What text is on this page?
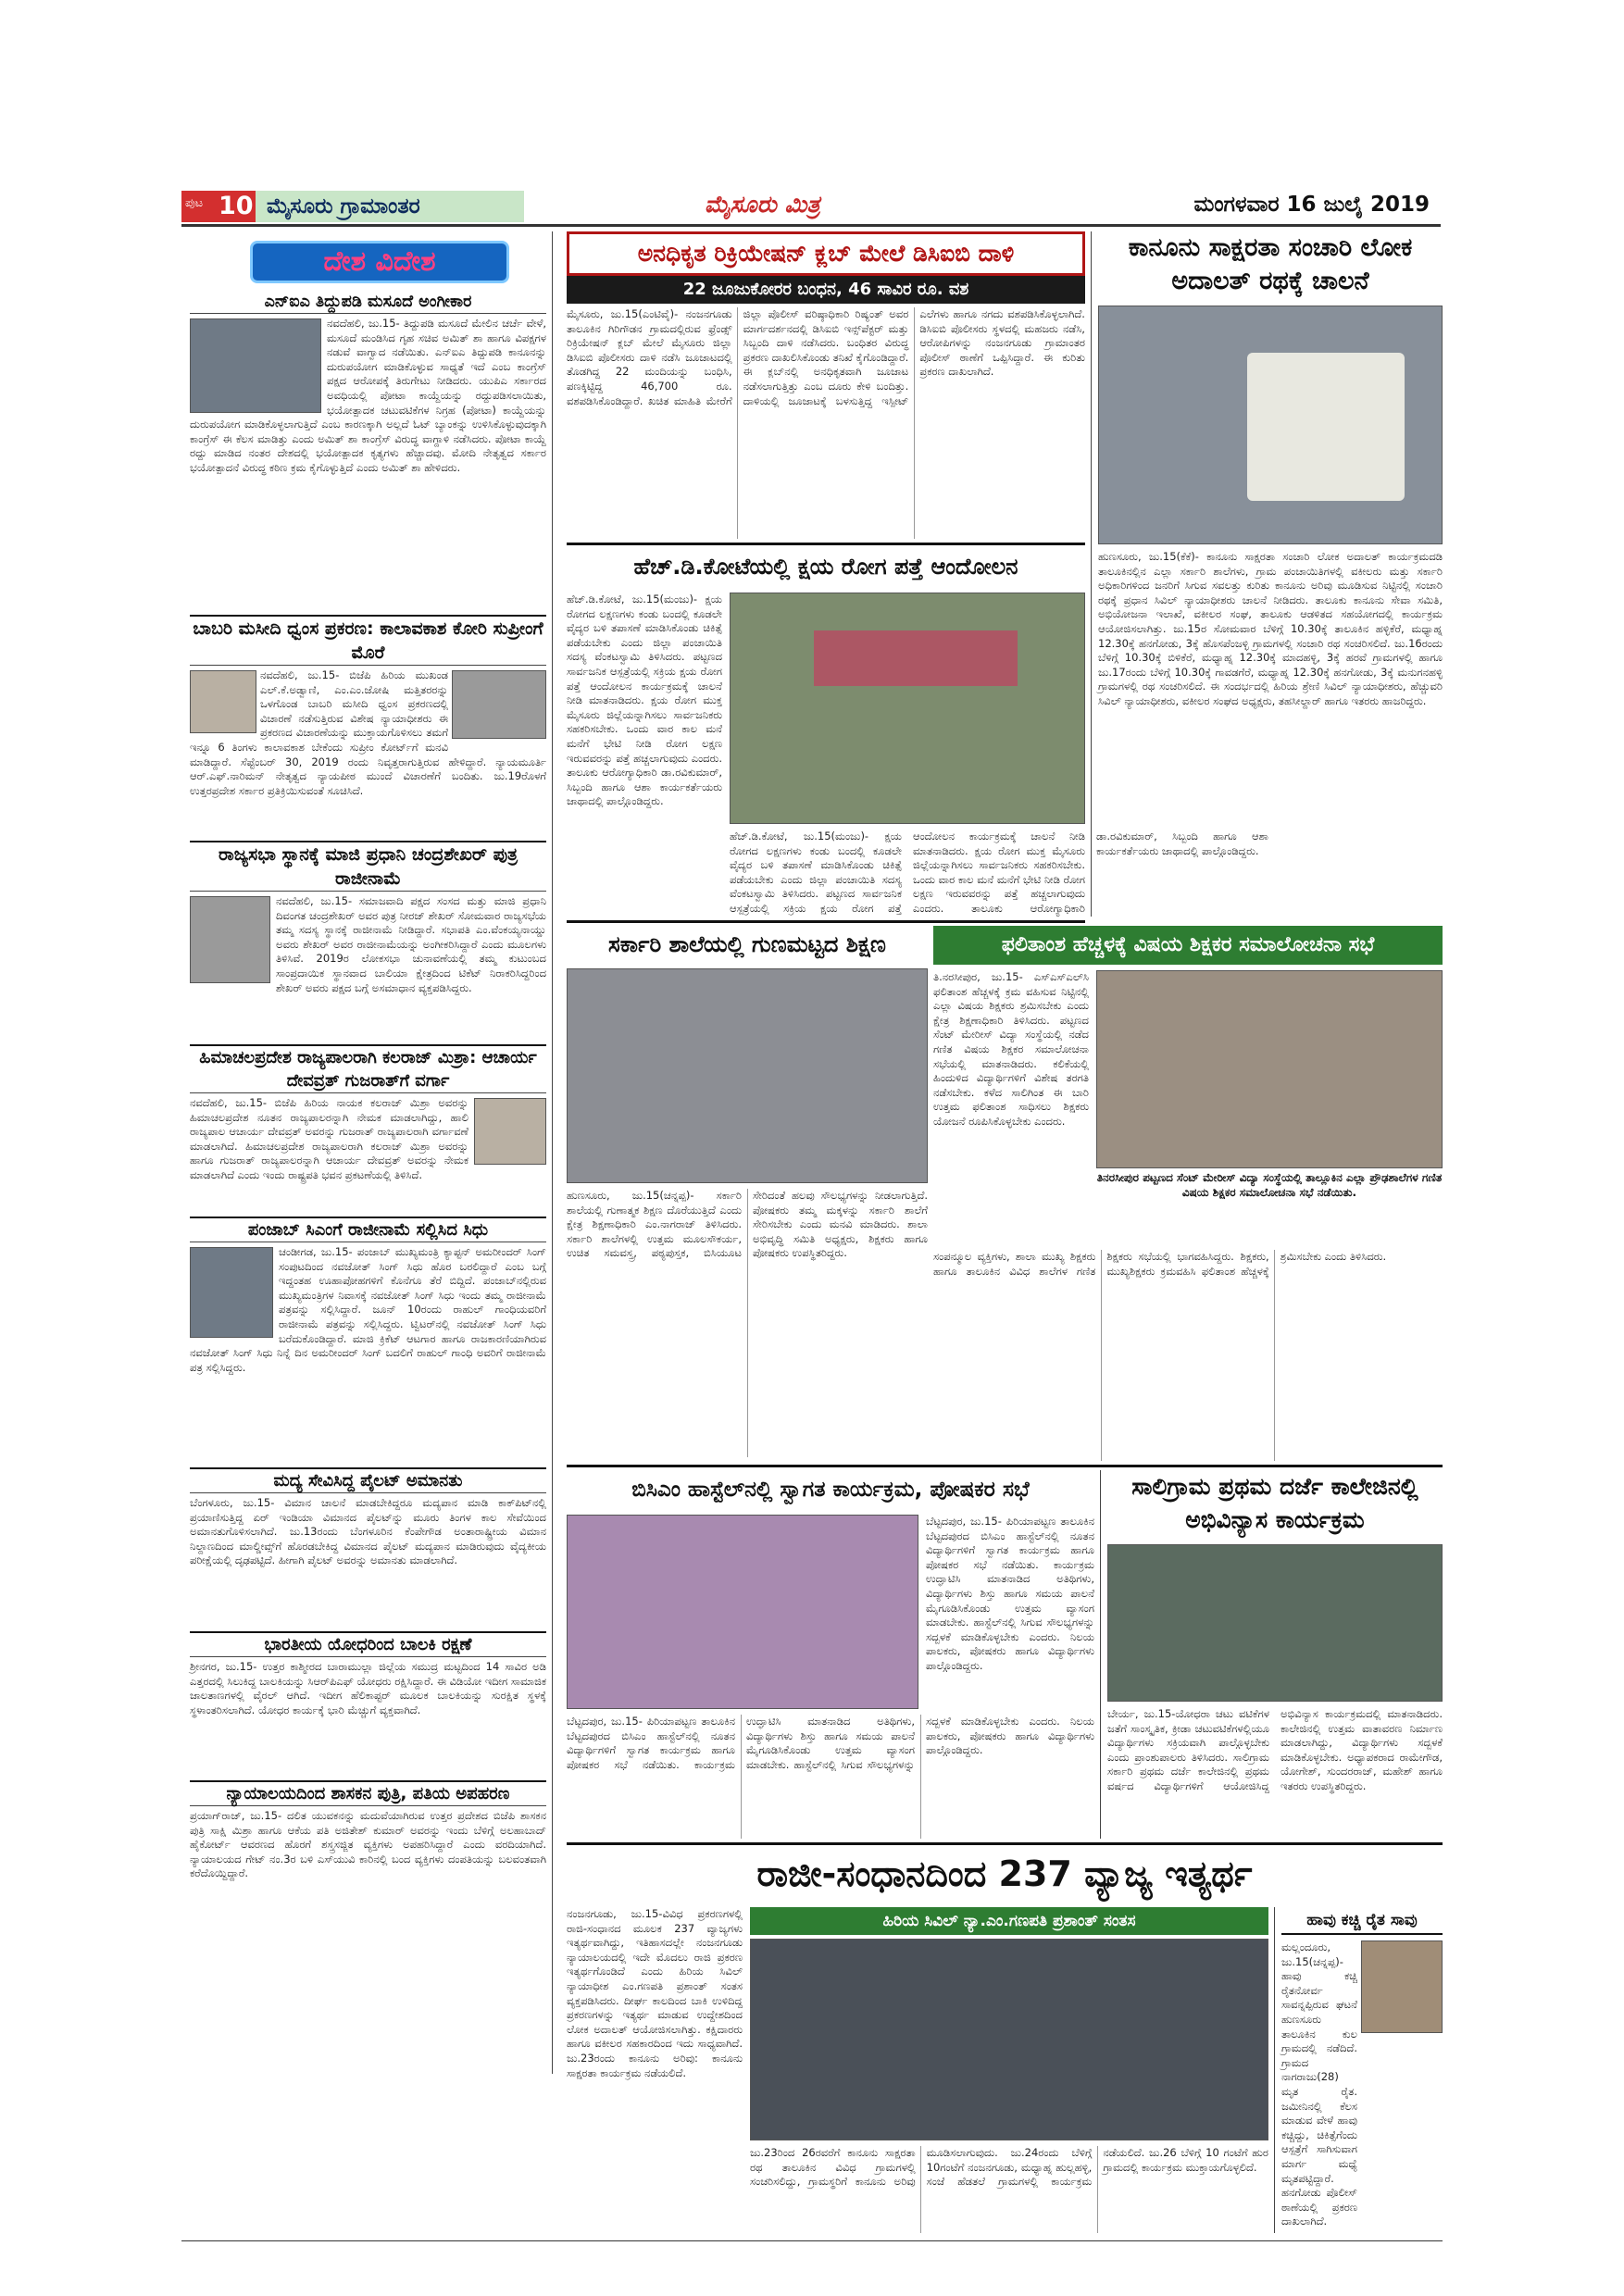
ಪುಟ 10 ಮೈಸೂರು ಗ್ರಾಮಾಂತರ	ಮೈಸೂರು ಮಿತ್ರ	ಮಂಗಳವಾರ 16 ಜುಲೈ 2019
ದೇಶ ವಿದೇಶ
ಎನ್‌ಐಎ ತಿದ್ದುಪಡಿ ಮಸೂದೆ ಅಂಗೀಕಾರ
ನವದೆಹಲಿ, ಜು.15- ತಿದ್ದುಪಡಿ ಮಸೂದೆ ಮೇಲಿನ ಚರ್ಚೆ ವೇಳೆ, ಮಸೂದೆ ಮಂಡಿಸಿದ ಗೃಹ ಸಚಿವ ಅಮಿತ್ ಶಾ ಹಾಗೂ ವಿಪಕ್ಷಗಳ ನಡುವೆ ವಾಗ್ವಾದ ನಡೆಯಿತು. ಎನ್‌ಐಎ ತಿದ್ದುಪಡಿ ಕಾನೂನನ್ನು ದುರುಪಯೋಗ ಮಾಡಿಕೊಳ್ಳುವ ಸಾಧ್ಯತೆ ಇದೆ ಎಂಬ ಕಾಂಗ್ರೆಸ್ ಪಕ್ಷದ ಆರೋಪಕ್ಕೆ ತಿರುಗೇಟು ನೀಡಿದರು. ಯುಪಿಎ ಸರ್ಕಾರದ ಅವಧಿಯಲ್ಲಿ ಪೋಟಾ ಕಾಯ್ದೆಯನ್ನು ರದ್ದುಪಡಿಸಲಾಯಿತು, ಭಯೋತ್ಪಾದಕ ಚಟುವಟಿಕೆಗಳ ನಿಗ್ರಹ (ಪೋಟಾ) ಕಾಯ್ದೆಯನ್ನು ದುರುಪಯೋಗ ಮಾಡಿಕೊಳ್ಳಲಾಗುತ್ತಿದೆ ಎಂಬ ಕಾರಣಕ್ಕಾಗಿ ಅಲ್ಲದೆ ಓಟ್ ಬ್ಯಾಂಕನ್ನು ಉಳಿಸಿಕೊಳ್ಳುವುದಕ್ಕಾಗಿ ಕಾಂಗ್ರೆಸ್ ಈ ಕೆಲಸ ಮಾಡಿತ್ತು ಎಂದು ಅಮಿತ್ ಶಾ ಕಾಂಗ್ರೆಸ್ ವಿರುದ್ಧ ವಾಗ್ದಾಳಿ ನಡೆಸಿದರು. ಪೋಟಾ ಕಾಯ್ದೆ ರದ್ದು ಮಾಡಿದ ನಂತರ ದೇಶದಲ್ಲಿ ಭಯೋತ್ಪಾದಕ ಕೃತ್ಯಗಳು ಹೆಚ್ಚಾದವು. ಮೋದಿ ನೇತೃತ್ವದ ಸರ್ಕಾರ ಭಯೋತ್ಪಾದನೆ ವಿರುದ್ಧ ಕಠಿಣ ಕ್ರಮ ಕೈಗೊಳ್ಳುತ್ತಿದೆ ಎಂದು ಅಮಿತ್ ಶಾ ಹೇಳಿದರು.
ಬಾಬರಿ ಮಸೀದಿ ಧ್ವಂಸ ಪ್ರಕರಣ: ಕಾಲಾವಕಾಶ ಕೋರಿ ಸುಪ್ರೀಂಗೆ ಮೊರೆ
ನವದೆಹಲಿ, ಜು.15- ಬಿಜೆಪಿ ಹಿರಿಯ ಮುಖಂಡ ಎಲ್.ಕೆ.ಅಡ್ವಾಣಿ, ಎಂ.ಎಂ.ಜೋಷಿ ಮತ್ತಿತರರನ್ನು ಒಳಗೊಂಡ ಬಾಬರಿ ಮಸೀದಿ ಧ್ವಂಸ ಪ್ರಕರಣದಲ್ಲಿ ವಿಚಾರಣೆ ನಡೆಸುತ್ತಿರುವ ವಿಶೇಷ ನ್ಯಾಯಾಧೀಶರು ಈ ಪ್ರಕರಣದ ವಿಚಾರಣೆಯನ್ನು ಮುಕ್ತಾಯಗೊಳಿಸಲು ತಮಗೆ ಇನ್ನೂ 6 ತಿಂಗಳು ಕಾಲಾವಕಾಶ ಬೇಕೆಂದು ಸುಪ್ರೀಂ ಕೋರ್ಟ್‌ಗೆ ಮನವಿ ಮಾಡಿದ್ದಾರೆ. ಸೆಪ್ಟೆಂಬರ್ 30, 2019 ರಂದು ನಿವೃತ್ತರಾಗುತ್ತಿರುವ ಹೇಳಿದ್ದಾರೆ. ನ್ಯಾಯಮೂರ್ತಿ ಆರ್.ಎಫ್.ನಾರಿಮನ್ ನೇತೃತ್ವದ ನ್ಯಾಯಪೀಠ ಮುಂದೆ ವಿಚಾರಣೆಗೆ ಬಂದಿತು. ಜು.19ರೊಳಗೆ ಉತ್ತರಪ್ರದೇಶ ಸರ್ಕಾರ ಪ್ರತಿಕ್ರಿಯಿಸುವಂತೆ ಸೂಚಿಸಿದೆ.
ರಾಜ್ಯಸಭಾ ಸ್ಥಾನಕ್ಕೆ ಮಾಜಿ ಪ್ರಧಾನಿ ಚಂದ್ರಶೇಖರ್ ಪುತ್ರ ರಾಜೀನಾಮೆ
ನವದೆಹಲಿ, ಜು.15- ಸಮಾಜವಾದಿ ಪಕ್ಷದ ಸಂಸದ ಮತ್ತು ಮಾಜಿ ಪ್ರಧಾನಿ ದಿವಂಗತ ಚಂದ್ರಶೇಖರ್ ಅವರ ಪುತ್ರ ನೀರಜ್ ಶೇಖರ್ ಸೋಮವಾರ ರಾಜ್ಯಸಭೆಯ ತಮ್ಮ ಸದಸ್ಯ ಸ್ಥಾನಕ್ಕೆ ರಾಜೀನಾಮೆ ನೀಡಿದ್ದಾರೆ. ಸಭಾಪತಿ ಎಂ.ವೆಂಕಯ್ಯನಾಯ್ಡು ಅವರು ಶೇಖರ್ ಅವರ ರಾಜೀನಾಮೆಯನ್ನು ಅಂಗೀಕರಿಸಿದ್ದಾರೆ ಎಂದು ಮೂಲಗಳು ತಿಳಿಸಿವೆ. 2019ರ ಲೋಕಸಭಾ ಚುನಾವಣೆಯಲ್ಲಿ ತಮ್ಮ ಕುಟುಂಬದ ಸಾಂಪ್ರದಾಯಿಕ ಸ್ಥಾನವಾದ ಬಾಲಿಯಾ ಕ್ಷೇತ್ರದಿಂದ ಟಿಕೆಟ್ ನಿರಾಕರಿಸಿದ್ದರಿಂದ ಶೇಖರ್ ಅವರು ಪಕ್ಷದ ಬಗ್ಗೆ ಅಸಮಾಧಾನ ವ್ಯಕ್ತಪಡಿಸಿದ್ದರು.
ಹಿಮಾಚಲಪ್ರದೇಶ ರಾಜ್ಯಪಾಲರಾಗಿ ಕಲರಾಜ್ ಮಿಶ್ರಾ: ಆಚಾರ್ಯ ದೇವವ್ರತ್ ಗುಜರಾತ್‌ಗೆ ವರ್ಗಾ
ನವದೆಹಲಿ, ಜು.15- ಬಿಜೆಪಿ ಹಿರಿಯ ನಾಯಕ ಕಲರಾಜ್ ಮಿಶ್ರಾ ಅವರನ್ನು ಹಿಮಾಚಲಪ್ರದೇಶ ನೂತನ ರಾಜ್ಯಪಾಲರನ್ನಾಗಿ ನೇಮಕ ಮಾಡಲಾಗಿದ್ದು, ಹಾಲಿ ರಾಜ್ಯಪಾಲ ಆಚಾರ್ಯ ದೇವವ್ರತ್ ಅವರನ್ನು ಗುಜರಾತ್ ರಾಜ್ಯಪಾಲರಾಗಿ ವರ್ಗಾವಣೆ ಮಾಡಲಾಗಿದೆ. ಹಿಮಾಚಲಪ್ರದೇಶ ರಾಜ್ಯಪಾಲರಾಗಿ ಕಲರಾಜ್ ಮಿಶ್ರಾ ಅವರನ್ನು ಹಾಗೂ ಗುಜರಾತ್ ರಾಜ್ಯಪಾಲರನ್ನಾಗಿ ಆಚಾರ್ಯ ದೇವವ್ರತ್ ಅವರನ್ನು ನೇಮಕ ಮಾಡಲಾಗಿದೆ ಎಂದು ಇಂದು ರಾಷ್ಟ್ರಪತಿ ಭವನ ಪ್ರಕಟಣೆಯಲ್ಲಿ ತಿಳಿಸಿದೆ.
ಪಂಜಾಬ್ ಸಿಎಂಗೆ ರಾಜೀನಾಮೆ ಸಲ್ಲಿಸಿದ ಸಿಧು
ಚಂಡೀಗಡ, ಜು.15- ಪಂಜಾಬ್ ಮುಖ್ಯಮಂತ್ರಿ ಕ್ಯಾಪ್ಟನ್ ಅಮರೀಂದರ್ ಸಿಂಗ್ ಸಂಪುಟದಿಂದ ನವಜೋತ್ ಸಿಂಗ್ ಸಿಧು ಹೊರ ಬರಲಿದ್ದಾರೆ ಎಂಬ ಬಗ್ಗೆ ಇದ್ದಂತಹ ಊಹಾಪೋಹಗಳಿಗೆ ಕೊನೆಗೂ ತೆರೆ ಬಿದ್ದಿದೆ. ಪಂಜಾಬ್‌ನಲ್ಲಿರುವ ಮುಖ್ಯಮಂತ್ರಿಗಳ ನಿವಾಸಕ್ಕೆ ನವಜೋತ್ ಸಿಂಗ್ ಸಿಧು ಇಂದು ತಮ್ಮ ರಾಜೀನಾಮೆ ಪತ್ರವನ್ನು ಸಲ್ಲಿಸಿದ್ದಾರೆ. ಜೂನ್ 10ರಂದು ರಾಹುಲ್ ಗಾಂಧಿಯವರಿಗೆ ರಾಜೀನಾಮೆ ಪತ್ರವನ್ನು ಸಲ್ಲಿಸಿದ್ದರು. ಟ್ವಿಟರ್‌ನಲ್ಲಿ ನವಜೋತ್ ಸಿಂಗ್ ಸಿಧು ಬರೆದುಕೊಂಡಿದ್ದಾರೆ. ಮಾಜಿ ಕ್ರಿಕೆಟ್ ಆಟಗಾರ ಹಾಗೂ ರಾಜಕಾರಣಿಯಾಗಿರುವ ನವಜೋತ್ ಸಿಂಗ್ ಸಿಧು ನಿನ್ನೆ ದಿನ ಅಮರೀಂದರ್ ಸಿಂಗ್ ಬದಲಿಗೆ ರಾಹುಲ್ ಗಾಂಧಿ ಅವರಿಗೆ ರಾಜೀನಾಮೆ ಪತ್ರ ಸಲ್ಲಿಸಿದ್ದರು.
ಮದ್ಯ ಸೇವಿಸಿದ್ದ ಪೈಲಟ್ ಅಮಾನತು
ಬೆಂಗಳೂರು, ಜು.15- ವಿಮಾನ ಚಾಲನೆ ಮಾಡಬೇಕಿದ್ದರೂ ಮದ್ಯಪಾನ ಮಾಡಿ ಕಾಕ್‌ಪಿಟ್‌ನಲ್ಲಿ ಪ್ರಯಾಣಿಸುತ್ತಿದ್ದ ಏರ್ ಇಂಡಿಯಾ ವಿಮಾನದ ಪೈಲಟ್‌ನ್ನು ಮೂರು ತಿಂಗಳ ಕಾಲ ಸೇವೆಯಿಂದ ಅಮಾನತುಗೊಳಿಸಲಾಗಿದೆ. ಜು.13ರಂದು ಬೆಂಗಳೂರಿನ ಕೆಂಪೇಗೌಡ ಅಂತಾರಾಷ್ಟ್ರೀಯ ವಿಮಾನ ನಿಲ್ದಾಣದಿಂದ ಮಾಲ್ಡೀವ್ಸ್‌ಗೆ ಹೊರಡಬೇಕಿದ್ದ ವಿಮಾನದ ಪೈಲಟ್ ಮದ್ಯಪಾನ ಮಾಡಿರುವುದು ವೈದ್ಯಕೀಯ ಪರೀಕ್ಷೆಯಲ್ಲಿ ದೃಢಪಟ್ಟಿದೆ. ಹೀಗಾಗಿ ಪೈಲಟ್ ಅವರನ್ನು ಅಮಾನತು ಮಾಡಲಾಗಿದೆ.
ಭಾರತೀಯ ಯೋಧರಿಂದ ಬಾಲಕಿ ರಕ್ಷಣೆ
ಶ್ರೀನಗರ, ಜು.15- ಉತ್ತರ ಕಾಶ್ಮೀರದ ಬಾರಾಮುಲ್ಲಾ ಜಿಲ್ಲೆಯ ಸಮುದ್ರ ಮಟ್ಟದಿಂದ 14 ಸಾವಿರ ಅಡಿ ಎತ್ತರದಲ್ಲಿ ಸಿಲುಕಿದ್ದ ಬಾಲಕಿಯನ್ನು ಸಿಆರ್‌ಪಿಎಫ್ ಯೋಧರು ರಕ್ಷಿಸಿದ್ದಾರೆ. ಈ ವಿಡಿಯೋ ಇದೀಗ ಸಾಮಾಜಿಕ ಜಾಲತಾಣಗಳಲ್ಲಿ ವೈರಲ್ ಆಗಿದೆ. ಇದೀಗ ಹೆಲಿಕಾಪ್ಟರ್ ಮೂಲಕ ಬಾಲಕಿಯನ್ನು ಸುರಕ್ಷಿತ ಸ್ಥಳಕ್ಕೆ ಸ್ಥಳಾಂತರಿಸಲಾಗಿದೆ. ಯೋಧರ ಕಾರ್ಯಕ್ಕೆ ಭಾರಿ ಮೆಚ್ಚುಗೆ ವ್ಯಕ್ತವಾಗಿದೆ.
ನ್ಯಾಯಾಲಯದಿಂದ ಶಾಸಕನ ಪುತ್ರಿ, ಪತಿಯ ಅಪಹರಣ
ಪ್ರಯಾಗ್‌ರಾಜ್, ಜು.15- ದಲಿತ ಯುವಕನನ್ನು ಮದುವೆಯಾಗಿರುವ ಉತ್ತರ ಪ್ರದೇಶದ ಬಿಜೆಪಿ ಶಾಸಕನ ಪುತ್ರಿ ಸಾಕ್ಷಿ ಮಿಶ್ರಾ ಹಾಗೂ ಆಕೆಯ ಪತಿ ಅಜಿತೇಶ್ ಕುಮಾರ್ ಅವರನ್ನು ಇಂದು ಬೆಳಿಗ್ಗೆ ಅಲಹಾಬಾದ್ ಹೈಕೋರ್ಟ್ ಆವರಣದ ಹೊರಗೆ ಶಸ್ತ್ರಸಜ್ಜಿತ ವ್ಯಕ್ತಿಗಳು ಅಪಹರಿಸಿದ್ದಾರೆ ಎಂದು ವರದಿಯಾಗಿದೆ. ನ್ಯಾಯಾಲಯದ ಗೇಟ್ ನಂ.3ರ ಬಳಿ ಎಸ್‌ಯುವಿ ಕಾರಿನಲ್ಲಿ ಬಂದ ವ್ಯಕ್ತಿಗಳು ದಂಪತಿಯನ್ನು ಬಲವಂತವಾಗಿ ಕರೆದೊಯ್ದಿದ್ದಾರೆ.
ಅನಧಿಕೃತ ರಿಕ್ರಿಯೇಷನ್ ಕ್ಲಬ್ ಮೇಲೆ ಡಿಸಿಐಬಿ ದಾಳಿ
22 ಜೂಜುಕೋರರ ಬಂಧನ, 46 ಸಾವಿರ ರೂ. ವಶ
ಮೈಸೂರು, ಜು.15(ಎಂಟಿವೈ)- ನಂಜನಗೂಡು ತಾಲೂಕಿನ ಗಿರಿಗೌಡನ ಗ್ರಾಮದಲ್ಲಿರುವ ಫ್ರೆಂಡ್ಸ್ ರಿಕ್ರಿಯೇಷನ್ ಕ್ಲಬ್ ಮೇಲೆ ಮೈಸೂರು ಜಿಲ್ಲಾ ಡಿಸಿಐಬಿ ಪೊಲೀಸರು ದಾಳಿ ನಡೆಸಿ ಜೂಜಾಟದಲ್ಲಿ ತೊಡಗಿದ್ದ 22 ಮಂದಿಯನ್ನು ಬಂಧಿಸಿ, ಪಣಕ್ಕಿಟ್ಟಿದ್ದ 46,700 ರೂ. ವಶಪಡಿಸಿಕೊಂಡಿದ್ದಾರೆ. ಖಚಿತ ಮಾಹಿತಿ ಮೇರೆಗೆ ಜಿಲ್ಲಾ ಪೊಲೀಸ್ ವರಿಷ್ಠಾಧಿಕಾರಿ ರಿಷ್ಯಂತ್ ಅವರ ಮಾರ್ಗದರ್ಶನದಲ್ಲಿ ಡಿಸಿಐಬಿ ಇನ್ಸ್‌ಪೆಕ್ಟರ್ ಮತ್ತು ಸಿಬ್ಬಂದಿ ದಾಳಿ ನಡೆಸಿದರು. ಬಂಧಿತರ ವಿರುದ್ಧ ಪ್ರಕರಣ ದಾಖಲಿಸಿಕೊಂಡು ತನಿಖೆ ಕೈಗೊಂಡಿದ್ದಾರೆ. ಈ ಕ್ಲಬ್‌ನಲ್ಲಿ ಅನಧಿಕೃತವಾಗಿ ಜೂಜಾಟ ನಡೆಸಲಾಗುತ್ತಿತ್ತು ಎಂಬ ದೂರು ಕೇಳಿ ಬಂದಿತ್ತು. ದಾಳಿಯಲ್ಲಿ ಜೂಜಾಟಕ್ಕೆ ಬಳಸುತ್ತಿದ್ದ ಇಸ್ಪೀಟ್ ಎಲೆಗಳು ಹಾಗೂ ನಗದು ವಶಪಡಿಸಿಕೊಳ್ಳಲಾಗಿದೆ. ಡಿಸಿಐಬಿ ಪೊಲೀಸರು ಸ್ಥಳದಲ್ಲಿ ಮಹಜರು ನಡೆಸಿ, ಆರೋಪಿಗಳನ್ನು ನಂಜನಗೂಡು ಗ್ರಾಮಾಂತರ ಪೊಲೀಸ್ ಠಾಣೆಗೆ ಒಪ್ಪಿಸಿದ್ದಾರೆ. ಈ ಕುರಿತು ಪ್ರಕರಣ ದಾಖಲಾಗಿದೆ.
ಹೆಚ್.ಡಿ.ಕೋಟೆಯಲ್ಲಿ ಕ್ಷಯ ರೋಗ ಪತ್ತೆ ಆಂದೋಲನ
ಹೆಚ್.ಡಿ.ಕೋಟೆ, ಜು.15(ಮಂಜು)- ಕ್ಷಯ ರೋಗದ ಲಕ್ಷಣಗಳು ಕಂಡು ಬಂದಲ್ಲಿ ಕೂಡಲೇ ವೈದ್ಯರ ಬಳಿ ತಪಾಸಣೆ ಮಾಡಿಸಿಕೊಂಡು ಚಿಕಿತ್ಸೆ ಪಡೆಯಬೇಕು ಎಂದು ಜಿಲ್ಲಾ ಪಂಚಾಯಿತಿ ಸದಸ್ಯ ವೆಂಕಟಸ್ವಾಮಿ ತಿಳಿಸಿದರು. ಪಟ್ಟಣದ ಸಾರ್ವಜನಿಕ ಆಸ್ಪತ್ರೆಯಲ್ಲಿ ಸಕ್ರಿಯ ಕ್ಷಯ ರೋಗ ಪತ್ತೆ ಆಂದೋಲನ ಕಾರ್ಯಕ್ರಮಕ್ಕೆ ಚಾಲನೆ ನೀಡಿ ಮಾತನಾಡಿದರು. ಕ್ಷಯ ರೋಗ ಮುಕ್ತ ಮೈಸೂರು ಜಿಲ್ಲೆಯನ್ನಾಗಿಸಲು ಸಾರ್ವಜನಿಕರು ಸಹಕರಿಸಬೇಕು. ಒಂದು ವಾರ ಕಾಲ ಮನೆ ಮನೆಗೆ ಭೇಟಿ ನೀಡಿ ರೋಗ ಲಕ್ಷಣ ಇರುವವರನ್ನು ಪತ್ತೆ ಹಚ್ಚಲಾಗುವುದು ಎಂದರು. ತಾಲೂಕು ಆರೋಗ್ಯಾಧಿಕಾರಿ ಡಾ.ರವಿಕುಮಾರ್, ಸಿಬ್ಬಂದಿ ಹಾಗೂ ಆಶಾ ಕಾರ್ಯಕರ್ತೆಯರು ಜಾಥಾದಲ್ಲಿ ಪಾಲ್ಗೊಂಡಿದ್ದರು.
ಹೆಚ್.ಡಿ.ಕೋಟೆ, ಜು.15(ಮಂಜು)- ಕ್ಷಯ ರೋಗದ ಲಕ್ಷಣಗಳು ಕಂಡು ಬಂದಲ್ಲಿ ಕೂಡಲೇ ವೈದ್ಯರ ಬಳಿ ತಪಾಸಣೆ ಮಾಡಿಸಿಕೊಂಡು ಚಿಕಿತ್ಸೆ ಪಡೆಯಬೇಕು ಎಂದು ಜಿಲ್ಲಾ ಪಂಚಾಯಿತಿ ಸದಸ್ಯ ವೆಂಕಟಸ್ವಾಮಿ ತಿಳಿಸಿದರು. ಪಟ್ಟಣದ ಸಾರ್ವಜನಿಕ ಆಸ್ಪತ್ರೆಯಲ್ಲಿ ಸಕ್ರಿಯ ಕ್ಷಯ ರೋಗ ಪತ್ತೆ ಆಂದೋಲನ ಕಾರ್ಯಕ್ರಮಕ್ಕೆ ಚಾಲನೆ ನೀಡಿ ಮಾತನಾಡಿದರು. ಕ್ಷಯ ರೋಗ ಮುಕ್ತ ಮೈಸೂರು ಜಿಲ್ಲೆಯನ್ನಾಗಿಸಲು ಸಾರ್ವಜನಿಕರು ಸಹಕರಿಸಬೇಕು. ಒಂದು ವಾರ ಕಾಲ ಮನೆ ಮನೆಗೆ ಭೇಟಿ ನೀಡಿ ರೋಗ ಲಕ್ಷಣ ಇರುವವರನ್ನು ಪತ್ತೆ ಹಚ್ಚಲಾಗುವುದು ಎಂದರು. ತಾಲೂಕು ಆರೋಗ್ಯಾಧಿಕಾರಿ ಡಾ.ರವಿಕುಮಾರ್, ಸಿಬ್ಬಂದಿ ಹಾಗೂ ಆಶಾ ಕಾರ್ಯಕರ್ತೆಯರು ಜಾಥಾದಲ್ಲಿ ಪಾಲ್ಗೊಂಡಿದ್ದರು.
ಸರ್ಕಾರಿ ಶಾಲೆಯಲ್ಲಿ ಗುಣಮಟ್ಟದ ಶಿಕ್ಷಣ
ಹುಣಸೂರು, ಜು.15(ಚನ್ನಪ್ಪ)- ಸರ್ಕಾರಿ ಶಾಲೆಯಲ್ಲಿ ಗುಣಾತ್ಮಕ ಶಿಕ್ಷಣ ದೊರೆಯುತ್ತಿದೆ ಎಂದು ಕ್ಷೇತ್ರ ಶಿಕ್ಷಣಾಧಿಕಾರಿ ಎಂ.ನಾಗರಾಜ್ ತಿಳಿಸಿದರು. ಸರ್ಕಾರಿ ಶಾಲೆಗಳಲ್ಲಿ ಉತ್ತಮ ಮೂಲಸೌಕರ್ಯ, ಉಚಿತ ಸಮವಸ್ತ್ರ, ಪಠ್ಯಪುಸ್ತಕ, ಬಿಸಿಯೂಟ ಸೇರಿದಂತೆ ಹಲವು ಸೌಲಭ್ಯಗಳನ್ನು ನೀಡಲಾಗುತ್ತಿದೆ. ಪೋಷಕರು ತಮ್ಮ ಮಕ್ಕಳನ್ನು ಸರ್ಕಾರಿ ಶಾಲೆಗೆ ಸೇರಿಸಬೇಕು ಎಂದು ಮನವಿ ಮಾಡಿದರು. ಶಾಲಾ ಅಭಿವೃದ್ಧಿ ಸಮಿತಿ ಅಧ್ಯಕ್ಷರು, ಶಿಕ್ಷಕರು ಹಾಗೂ ಪೋಷಕರು ಉಪಸ್ಥಿತರಿದ್ದರು.
ಕಾನೂನು ಸಾಕ್ಷರತಾ ಸಂಚಾರಿ ಲೋಕ ಅದಾಲತ್ ರಥಕ್ಕೆ ಚಾಲನೆ
ಹುಣಸೂರು, ಜು.15(ಕೆಕೆ)- ಕಾನೂನು ಸಾಕ್ಷರತಾ ಸಂಚಾರಿ ಲೋಕ ಅದಾಲತ್ ಕಾರ್ಯಕ್ರಮದಡಿ ತಾಲೂಕಿನಲ್ಲಿನ ಎಲ್ಲಾ ಸರ್ಕಾರಿ ಶಾಲೆಗಳು, ಗ್ರಾಮ ಪಂಚಾಯಿತಿಗಳಲ್ಲಿ ವಕೀಲರು ಮತ್ತು ಸರ್ಕಾರಿ ಅಧಿಕಾರಿಗಳಿಂದ ಜನರಿಗೆ ಸಿಗುವ ಸವಲತ್ತು ಕುರಿತು ಕಾನೂನು ಅರಿವು ಮೂಡಿಸುವ ನಿಟ್ಟಿನಲ್ಲಿ ಸಂಚಾರಿ ರಥಕ್ಕೆ ಪ್ರಧಾನ ಸಿವಿಲ್ ನ್ಯಾಯಾಧೀಶರು ಚಾಲನೆ ನೀಡಿದರು. ತಾಲೂಕು ಕಾನೂನು ಸೇವಾ ಸಮಿತಿ, ಅಭಿಯೋಜನಾ ಇಲಾಖೆ, ವಕೀಲರ ಸಂಘ, ತಾಲೂಕು ಆಡಳಿತದ ಸಹಯೋಗದಲ್ಲಿ ಕಾರ್ಯಕ್ರಮ ಆಯೋಜಿಸಲಾಗಿತ್ತು. ಜು.15ರ ಸೋಮವಾರ ಬೆಳಿಗ್ಗೆ 10.30ಕ್ಕೆ ತಾಲೂಕಿನ ಹಳ್ಳಿಕೆರೆ, ಮಧ್ಯಾಹ್ನ 12.30ಕ್ಕೆ ಹನಗೋಡು, 3ಕ್ಕೆ ಹೊಸಪೆಂಜಳ್ಳಿ ಗ್ರಾಮಗಳಲ್ಲಿ ಸಂಚಾರಿ ರಥ ಸಂಚರಿಸಲಿದೆ. ಜು.16ರಂದು ಬೆಳಿಗ್ಗೆ 10.30ಕ್ಕೆ ಬಿಳಿಕೆರೆ, ಮಧ್ಯಾಹ್ನ 12.30ಕ್ಕೆ ಮಾದಹಳ್ಳಿ, 3ಕ್ಕೆ ಹರವೆ ಗ್ರಾಮಗಳಲ್ಲಿ ಹಾಗೂ ಜು.17ರಂದು ಬೆಳಿಗ್ಗೆ 10.30ಕ್ಕೆ ಗಾವಡಗೆರೆ, ಮಧ್ಯಾಹ್ನ 12.30ಕ್ಕೆ ಹನಗೋಡು, 3ಕ್ಕೆ ಮನುಗನಹಳ್ಳಿ ಗ್ರಾಮಗಳಲ್ಲಿ ರಥ ಸಂಚರಿಸಲಿದೆ. ಈ ಸಂದರ್ಭದಲ್ಲಿ ಹಿರಿಯ ಶ್ರೇಣಿ ಸಿವಿಲ್ ನ್ಯಾಯಾಧೀಶರು, ಹೆಚ್ಚುವರಿ ಸಿವಿಲ್ ನ್ಯಾಯಾಧೀಶರು, ವಕೀಲರ ಸಂಘದ ಅಧ್ಯಕ್ಷರು, ತಹಸೀಲ್ದಾರ್ ಹಾಗೂ ಇತರರು ಹಾಜರಿದ್ದರು.
ಫಲಿತಾಂಶ ಹೆಚ್ಚಳಕ್ಕೆ ವಿಷಯ ಶಿಕ್ಷಕರ ಸಮಾಲೋಚನಾ ಸಭೆ
ತಿ.ನರಸೀಪುರ, ಜು.15- ಎಸ್‌ಎಸ್‌ಎಲ್‌ಸಿ ಫಲಿತಾಂಶ ಹೆಚ್ಚಳಕ್ಕೆ ಕ್ರಮ ವಹಿಸುವ ನಿಟ್ಟಿನಲ್ಲಿ ಎಲ್ಲಾ ವಿಷಯ ಶಿಕ್ಷಕರು ಶ್ರಮಿಸಬೇಕು ಎಂದು ಕ್ಷೇತ್ರ ಶಿಕ್ಷಣಾಧಿಕಾರಿ ತಿಳಿಸಿದರು. ಪಟ್ಟಣದ ಸೆಂಟ್ ಮೇರೀಸ್ ವಿದ್ಯಾ ಸಂಸ್ಥೆಯಲ್ಲಿ ನಡೆದ ಗಣಿತ ವಿಷಯ ಶಿಕ್ಷಕರ ಸಮಾಲೋಚನಾ ಸಭೆಯಲ್ಲಿ ಮಾತನಾಡಿದರು. ಕಲಿಕೆಯಲ್ಲಿ ಹಿಂದುಳಿದ ವಿದ್ಯಾರ್ಥಿಗಳಿಗೆ ವಿಶೇಷ ತರಗತಿ ನಡೆಸಬೇಕು. ಕಳೆದ ಸಾಲಿಗಿಂತ ಈ ಬಾರಿ ಉತ್ತಮ ಫಲಿತಾಂಶ ಸಾಧಿಸಲು ಶಿಕ್ಷಕರು ಯೋಜನೆ ರೂಪಿಸಿಕೊಳ್ಳಬೇಕು ಎಂದರು.
ತಿನರಸೀಪುರ ಪಟ್ಟಣದ ಸೆಂಟ್ ಮೇರೀಸ್ ವಿದ್ಯಾ ಸಂಸ್ಥೆಯಲ್ಲಿ ತಾಲ್ಲೂಕಿನ ಎಲ್ಲಾ ಪ್ರೌಢಶಾಲೆಗಳ ಗಣಿತ ವಿಷಯ ಶಿಕ್ಷಕರ ಸಮಾಲೋಚನಾ ಸಭೆ ನಡೆಯಿತು.
ಸಂಪನ್ಮೂಲ ವ್ಯಕ್ತಿಗಳು, ಶಾಲಾ ಮುಖ್ಯ ಶಿಕ್ಷಕರು ಹಾಗೂ ತಾಲೂಕಿನ ವಿವಿಧ ಶಾಲೆಗಳ ಗಣಿತ ಶಿಕ್ಷಕರು ಸಭೆಯಲ್ಲಿ ಭಾಗವಹಿಸಿದ್ದರು. ಶಿಕ್ಷಕರು, ಮುಖ್ಯಶಿಕ್ಷಕರು ಕ್ರಮವಹಿಸಿ ಫಲಿತಾಂಶ ಹೆಚ್ಚಳಕ್ಕೆ ಶ್ರಮಿಸಬೇಕು ಎಂದು ತಿಳಿಸಿದರು.
ಬಿಸಿಎಂ ಹಾಸ್ಟೆಲ್‌ನಲ್ಲಿ ಸ್ವಾಗತ ಕಾರ್ಯಕ್ರಮ, ಪೋಷಕರ ಸಭೆ
ಬೆಟ್ಟದಪುರ, ಜು.15- ಪಿರಿಯಾಪಟ್ಟಣ ತಾಲೂಕಿನ ಬೆಟ್ಟದಪುರದ ಬಿಸಿಎಂ ಹಾಸ್ಟೆಲ್‌ನಲ್ಲಿ ನೂತನ ವಿದ್ಯಾರ್ಥಿಗಳಿಗೆ ಸ್ವಾಗತ ಕಾರ್ಯಕ್ರಮ ಹಾಗೂ ಪೋಷಕರ ಸಭೆ ನಡೆಯಿತು. ಕಾರ್ಯಕ್ರಮ ಉದ್ಘಾಟಿಸಿ ಮಾತನಾಡಿದ ಅತಿಥಿಗಳು, ವಿದ್ಯಾರ್ಥಿಗಳು ಶಿಸ್ತು ಹಾಗೂ ಸಮಯ ಪಾಲನೆ ಮೈಗೂಡಿಸಿಕೊಂಡು ಉತ್ತಮ ವ್ಯಾಸಂಗ ಮಾಡಬೇಕು. ಹಾಸ್ಟೆಲ್‌ನಲ್ಲಿ ಸಿಗುವ ಸೌಲಭ್ಯಗಳನ್ನು ಸದ್ಬಳಕೆ ಮಾಡಿಕೊಳ್ಳಬೇಕು ಎಂದರು. ನಿಲಯ ಪಾಲಕರು, ಪೋಷಕರು ಹಾಗೂ ವಿದ್ಯಾರ್ಥಿಗಳು ಪಾಲ್ಗೊಂಡಿದ್ದರು.
ಬೆಟ್ಟದಪುರ, ಜು.15- ಪಿರಿಯಾಪಟ್ಟಣ ತಾಲೂಕಿನ ಬೆಟ್ಟದಪುರದ ಬಿಸಿಎಂ ಹಾಸ್ಟೆಲ್‌ನಲ್ಲಿ ನೂತನ ವಿದ್ಯಾರ್ಥಿಗಳಿಗೆ ಸ್ವಾಗತ ಕಾರ್ಯಕ್ರಮ ಹಾಗೂ ಪೋಷಕರ ಸಭೆ ನಡೆಯಿತು. ಕಾರ್ಯಕ್ರಮ ಉದ್ಘಾಟಿಸಿ ಮಾತನಾಡಿದ ಅತಿಥಿಗಳು, ವಿದ್ಯಾರ್ಥಿಗಳು ಶಿಸ್ತು ಹಾಗೂ ಸಮಯ ಪಾಲನೆ ಮೈಗೂಡಿಸಿಕೊಂಡು ಉತ್ತಮ ವ್ಯಾಸಂಗ ಮಾಡಬೇಕು. ಹಾಸ್ಟೆಲ್‌ನಲ್ಲಿ ಸಿಗುವ ಸೌಲಭ್ಯಗಳನ್ನು ಸದ್ಬಳಕೆ ಮಾಡಿಕೊಳ್ಳಬೇಕು ಎಂದರು. ನಿಲಯ ಪಾಲಕರು, ಪೋಷಕರು ಹಾಗೂ ವಿದ್ಯಾರ್ಥಿಗಳು ಪಾಲ್ಗೊಂಡಿದ್ದರು.
ಸಾಲಿಗ್ರಾಮ ಪ್ರಥಮ ದರ್ಜೆ ಕಾಲೇಜಿನಲ್ಲಿ ಅಭಿವಿನ್ಯಾಸ ಕಾರ್ಯಕ್ರಮ
ಬೇರ್ಯ, ಜು.15-ಯೋಧರಾ ಚಟು ವಟಿಕೆಗಳ ಜತೆಗೆ ಸಾಂಸ್ಕೃತಿಕ, ಕ್ರೀಡಾ ಚಟುವಟಿಕೆಗಳಲ್ಲಿಯೂ ವಿದ್ಯಾರ್ಥಿಗಳು ಸಕ್ರಿಯವಾಗಿ ಪಾಲ್ಗೊಳ್ಳಬೇಕು ಎಂದು ಪ್ರಾಂಶುಪಾಲರು ತಿಳಿಸಿದರು. ಸಾಲಿಗ್ರಾಮ ಸರ್ಕಾರಿ ಪ್ರಥಮ ದರ್ಜೆ ಕಾಲೇಜಿನಲ್ಲಿ ಪ್ರಥಮ ವರ್ಷದ ವಿದ್ಯಾರ್ಥಿಗಳಿಗೆ ಆಯೋಜಿಸಿದ್ದ ಅಭಿವಿನ್ಯಾಸ ಕಾರ್ಯಕ್ರಮದಲ್ಲಿ ಮಾತನಾಡಿದರು. ಕಾಲೇಜಿನಲ್ಲಿ ಉತ್ತಮ ವಾತಾವರಣ ನಿರ್ಮಾಣ ಮಾಡಲಾಗಿದ್ದು, ವಿದ್ಯಾರ್ಥಿಗಳು ಸದ್ಬಳಕೆ ಮಾಡಿಕೊಳ್ಳಬೇಕು. ಅಧ್ಯಾಪಕರಾದ ರಾಮೇಗೌಡ, ಯೋಗೇಶ್, ಸುಂದರರಾಜ್, ಮಹೇಶ್ ಹಾಗೂ ಇತರರು ಉಪಸ್ಥಿತರಿದ್ದರು.
ರಾಜೀ-ಸಂಧಾನದಿಂದ 237 ವ್ಯಾಜ್ಯ ಇತ್ಯರ್ಥ
ನಂಜನಗೂಡು, ಜು.15-ವಿವಿಧ ಪ್ರಕರಣಗಳಲ್ಲಿ ರಾಜಿ-ಸಂಧಾನದ ಮೂಲಕ 237 ವ್ಯಾಜ್ಯಗಳು ಇತ್ಯರ್ಥವಾಗಿದ್ದು, ಇತಿಹಾಸದಲ್ಲೇ ನಂಜನಗೂಡು ನ್ಯಾಯಾಲಯದಲ್ಲಿ ಇದೇ ಮೊದಲು ರಾಜಿ ಪ್ರಕರಣ ಇತ್ಯರ್ಥಗೊಂಡಿದೆ ಎಂದು ಹಿರಿಯ ಸಿವಿಲ್ ನ್ಯಾಯಾಧೀಶ ಎಂ.ಗಣಪತಿ ಪ್ರಶಾಂತ್ ಸಂತಸ ವ್ಯಕ್ತಪಡಿಸಿದರು. ದೀರ್ಘ ಕಾಲದಿಂದ ಬಾಕಿ ಉಳಿದಿದ್ದ ಪ್ರಕರಣಗಳನ್ನು ಇತ್ಯರ್ಥ ಮಾಡುವ ಉದ್ದೇಶದಿಂದ ಲೋಕ ಅದಾಲತ್ ಆಯೋಜಿಸಲಾಗಿತ್ತು. ಕಕ್ಷಿದಾರರು ಹಾಗೂ ವಕೀಲರ ಸಹಕಾರದಿಂದ ಇದು ಸಾಧ್ಯವಾಗಿದೆ. ಜು.23ರಂದು ಕಾನೂನು ಅರಿವು: ಕಾನೂನು ಸಾಕ್ಷರತಾ ಕಾರ್ಯಕ್ರಮ ನಡೆಯಲಿದೆ.
ಹಿರಿಯ ಸಿವಿಲ್ ನ್ಯಾ.ಎಂ.ಗಣಪತಿ ಪ್ರಶಾಂತ್ ಸಂತಸ
ಜು.23ರಿಂದ 26ರವರೆಗೆ ಕಾನೂನು ಸಾಕ್ಷರತಾ ರಥ ತಾಲೂಕಿನ ವಿವಿಧ ಗ್ರಾಮಗಳಲ್ಲಿ ಸಂಚರಿಸಲಿದ್ದು, ಗ್ರಾಮಸ್ಥರಿಗೆ ಕಾನೂನು ಅರಿವು ಮೂಡಿಸಲಾಗುವುದು. ಜು.24ರಂದು ಬೆಳಿಗ್ಗೆ 10ಗಂಟೆಗೆ ನಂಜನಗೂಡು, ಮಧ್ಯಾಹ್ನ ಹುಲ್ಲಹಳ್ಳಿ, ಸಂಜೆ ಹೆಡತಲೆ ಗ್ರಾಮಗಳಲ್ಲಿ ಕಾರ್ಯಕ್ರಮ ನಡೆಯಲಿದೆ. ಜು.26 ಬೆಳಿಗ್ಗೆ 10 ಗಂಟೆಗೆ ಹುರ ಗ್ರಾಮದಲ್ಲಿ ಕಾರ್ಯಕ್ರಮ ಮುಕ್ತಾಯಗೊಳ್ಳಲಿದೆ.
ಹಾವು ಕಚ್ಚಿ ರೈತ ಸಾವು
ಮಲ್ಲಂದೂರು, ಜು.15(ಚನ್ನಪ್ಪ)- ಹಾವು ಕಚ್ಚಿ ರೈತನೋರ್ವ ಸಾವನ್ನಪ್ಪಿರುವ ಘಟನೆ ಹುಣಸೂರು ತಾಲೂಕಿನ ಕುಲ ಗ್ರಾಮದಲ್ಲಿ ನಡೆದಿದೆ. ಗ್ರಾಮದ ನಾಗರಾಜು(28) ಮೃತ ರೈತ. ಜಮೀನಿನಲ್ಲಿ ಕೆಲಸ ಮಾಡುವ ವೇಳೆ ಹಾವು ಕಚ್ಚಿದ್ದು, ಚಿಕಿತ್ಸೆಗೆಂದು ಆಸ್ಪತ್ರೆಗೆ ಸಾಗಿಸುವಾಗ ಮಾರ್ಗ ಮಧ್ಯೆ ಮೃತಪಟ್ಟಿದ್ದಾರೆ. ಹನಗೋಡು ಪೊಲೀಸ್ ಠಾಣೆಯಲ್ಲಿ ಪ್ರಕರಣ ದಾಖಲಾಗಿದೆ.
